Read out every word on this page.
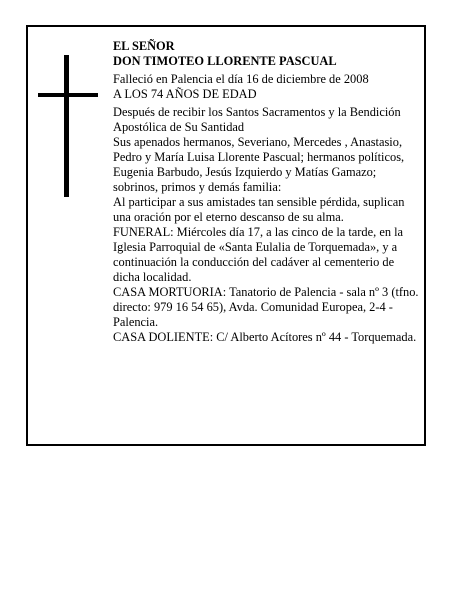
EL SEÑOR

DON TIMOTEO LLORENTE PASCUAL

Falleció en Palencia el día 16 de diciembre de 2008

A LOS 74 AÑOS DE EDAD

Después de recibir los Santos Sacramentos y la Bendición Apostólica de Su Santidad

Sus apenados hermanos, Severiano, Mercedes , Anastasio, Pedro y María Luisa Llorente Pascual; hermanos políticos, Eugenia Barbudo, Jesús Izquierdo y Matías Gamazo; sobrinos, primos y demás familia:

Al participar a sus amistades tan sensible pérdida, suplican una oración por el eterno descanso de su alma.

FUNERAL: Miércoles día 17, a las cinco de la tarde, en la Iglesia Parroquial de «Santa Eulalia de Torquemada», y a continuación la conducción del cadáver al cementerio de dicha localidad.

CASA MORTUORIA: Tanatorio de Palencia - sala nº 3 (tfno. directo: 979 16 54 65), Avda. Comunidad Europea, 2-4 - Palencia.

CASA DOLIENTE: C/ Alberto Acítores nº 44 - Torquemada.
